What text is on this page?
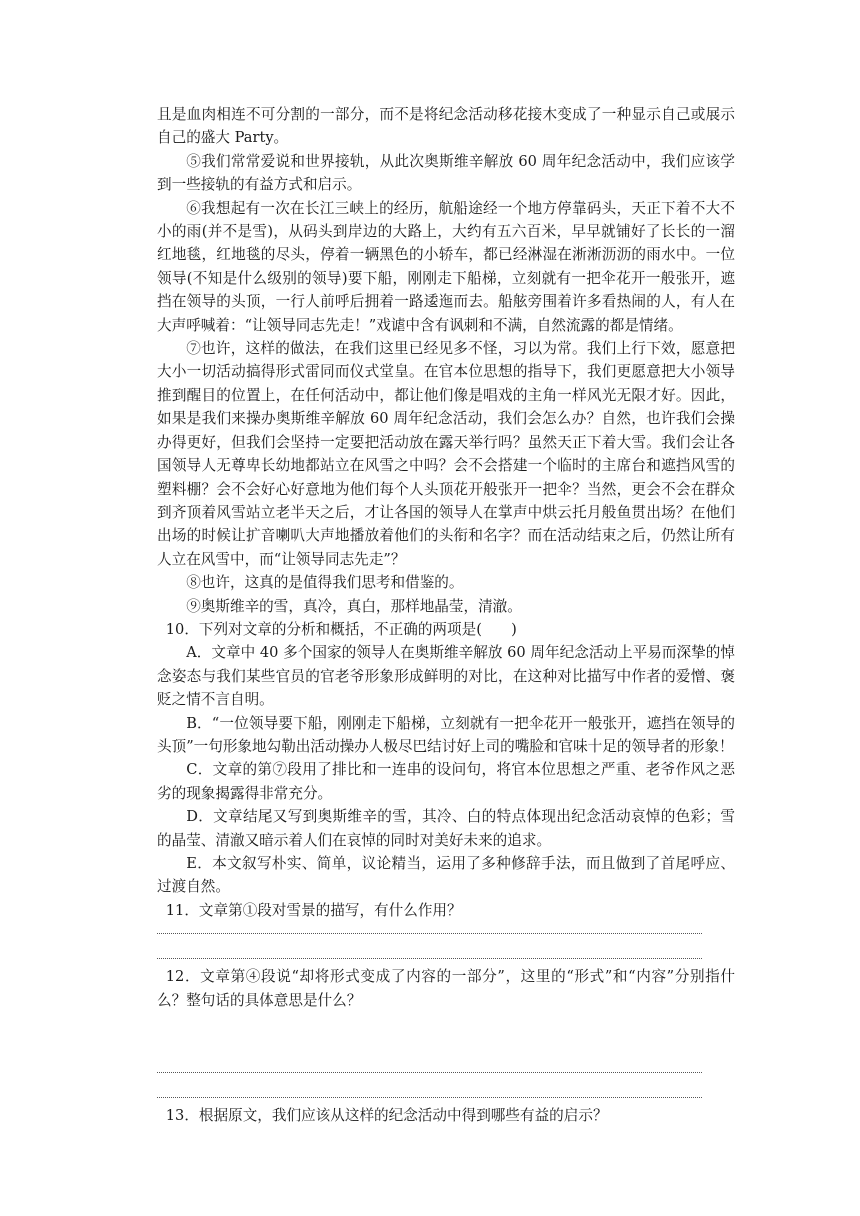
且是血肉相连不可分割的一部分，而不是将纪念活动移花接木变成了一种显示自己或展示自己的盛大 Party。

⑤我们常常爱说和世界接轨，从此次奥斯维辛解放 60 周年纪念活动中，我们应该学到一些接轨的有益方式和启示。

⑥我想起有一次在长江三峡上的经历，航船途经一个地方停靠码头，天正下着不大不小的雨(并不是雪)，从码头到岸边的大路上，大约有五六百米，早早就铺好了长长的一溜红地毯，红地毯的尽头，停着一辆黑色的小轿车，都已经淋湿在淅淅沥沥的雨水中。一位领导(不知是什么级别的领导)要下船，刚刚走下船梯，立刻就有一把伞花开一般张开，遮挡在领导的头顶，一行人前呼后拥着一路逶迤而去。船舷旁围着许多看热闹的人，有人在大声呼喊着：“让领导同志先走！”戏谑中含有讽刺和不满，自然流露的都是情绪。

⑦也许，这样的做法，在我们这里已经见多不怪，习以为常。我们上行下效，愿意把大小一切活动搞得形式雷同而仪式堂皇。在官本位思想的指导下，我们更愿意把大小领导推到醒目的位置上，在任何活动中，都让他们像是唱戏的主角一样风光无限才好。因此，如果是我们来操办奥斯维辛解放 60 周年纪念活动，我们会怎么办？自然，也许我们会操办得更好，但我们会坚持一定要把活动放在露天举行吗？虽然天正下着大雪。我们会让各国领导人无尊卑长幼地都站立在风雪之中吗？会不会搭建一个临时的主席台和遮挡风雪的塑料棚？会不会好心好意地为他们每个人头顶花开般张开一把伞？当然，更会不会在群众到齐顶着风雪站立老半天之后，才让各国的领导人在掌声中烘云托月般鱼贯出场？在他们出场的时候让扩音喇叭大声地播放着他们的头衔和名字？而在活动结束之后，仍然让所有人立在风雪中，而“让领导同志先走”？

⑧也许，这真的是值得我们思考和借鉴的。

⑨奥斯维辛的雪，真冷，真白，那样地晶莹，清澈。

10．下列对文章的分析和概括，不正确的两项是(　　)

A．文章中 40 多个国家的领导人在奥斯维辛解放 60 周年纪念活动上平易而深挚的悼念姿态与我们某些官员的官老爷形象形成鲜明的对比，在这种对比描写中作者的爱憎、褒贬之情不言自明。

B．“一位领导要下船，刚刚走下船梯，立刻就有一把伞花开一般张开，遮挡在领导的头顶”一句形象地勾勒出活动操办人极尽巴结讨好上司的嘴脸和官味十足的领导者的形象！

C．文章的第⑦段用了排比和一连串的设问句，将官本位思想之严重、老爷作风之恶劣的现象揭露得非常充分。

D．文章结尾又写到奥斯维辛的雪，其冷、白的特点体现出纪念活动哀悼的色彩；雪的晶莹、清澈又暗示着人们在哀悼的同时对美好未来的追求。

E．本文叙写朴实、简单，议论精当，运用了多种修辞手法，而且做到了首尾呼应、过渡自然。

11．文章第①段对雪景的描写，有什么作用？

12．文章第④段说“却将形式变成了内容的一部分”，这里的“形式”和“内容”分别指什么？整句话的具体意思是什么？

13．根据原文，我们应该从这样的纪念活动中得到哪些有益的启示？
